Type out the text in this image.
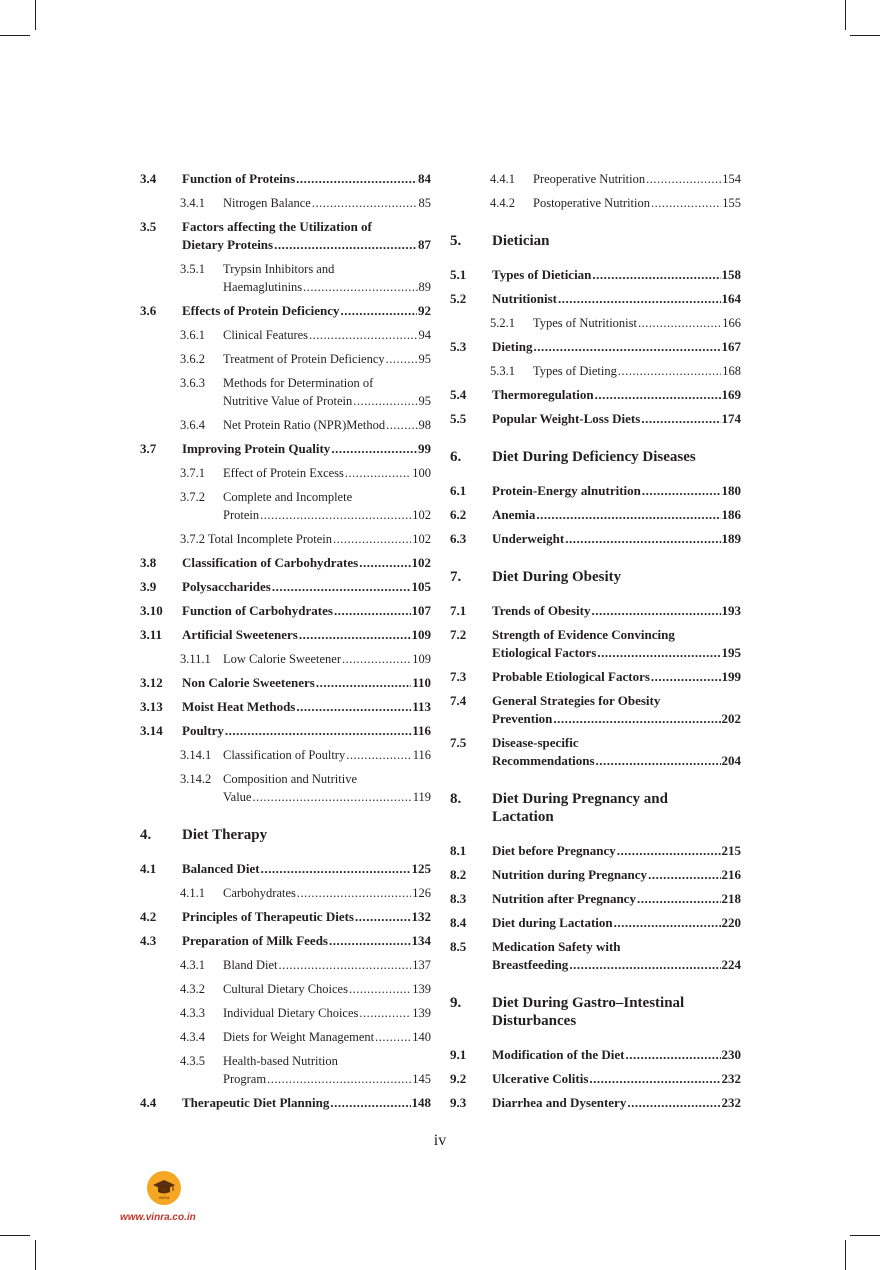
3.4 Function of Proteins .....	84
3.4.1 Nitrogen Balance .....	85
3.5 Factors affecting the Utilization of
Dietary Proteins .....	87
3.5.1 Trypsin Inhibitors and
Haemaglutinins .....	89
3.6 Effects of Protein Deficiency .....	92
3.6.1 Clinical Features .....	94
3.6.2 Treatment of Protein Deficiency .....	95
3.6.3 Methods for Determination of
Nutritive Value of Protein .....	95
3.6.4 Net Protein Ratio (NPR)Method .....	98
3.7 Improving Protein Quality .....	99
3.7.1 Effect of Protein Excess .....	100
3.7.2 Complete and Incomplete
Protein .....	102
3.7.2 Total Incomplete Protein .....	102
3.8 Classification of Carbohydrates .....	102
3.9 Polysaccharides .....	105
3.10 Function of Carbohydrates .....	107
3.11 Artificial Sweeteners .....	109
3.11.1 Low Calorie Sweetener .....	109
3.12 Non Calorie Sweeteners .....	110
3.13 Moist Heat Methods .....	113
3.14 Poultry .....	116
3.14.1 Classification of Poultry .....	116
3.14.2 Composition and Nutritive
Value .....	119
4. Diet Therapy
4.1 Balanced Diet .....	125
4.1.1 Carbohydrates .....	126
4.2 Principles of Therapeutic Diets .....	132
4.3 Preparation of Milk Feeds .....	134
4.3.1 Bland Diet .....	137
4.3.2 Cultural Dietary Choices .....	139
4.3.3 Individual Dietary Choices .....	139
4.3.4 Diets for Weight Management .....	140
4.3.5 Health-based Nutrition
Program .....	145
4.4 Therapeutic Diet Planning .....	148
4.4.1 Preoperative Nutrition .....	154
4.4.2 Postoperative Nutrition .....	155
5. Dietician
5.1 Types of Dietician .....	158
5.2 Nutritionist .....	164
5.2.1 Types of Nutritionist .....	166
5.3 Dieting .....	167
5.3.1 Types of Dieting .....	168
5.4 Thermoregulation .....	169
5.5 Popular Weight-Loss Diets .....	174
6. Diet During Deficiency Diseases
6.1 Protein-Energy alnutrition .....	180
6.2 Anemia .....	186
6.3 Underweight .....	189
7. Diet During Obesity
7.1 Trends of Obesity .....	193
7.2 Strength of Evidence Convincing
Etiological Factors .....	195
7.3 Probable Etiological Factors .....	199
7.4 General Strategies for Obesity
Prevention .....	202
7.5 Disease-specific
Recommendations .....	204
8. Diet During Pregnancy and
Lactation
8.1 Diet before Pregnancy .....	215
8.2 Nutrition during Pregnancy .....	216
8.3 Nutrition after Pregnancy .....	218
8.4 Diet during Lactation .....	220
8.5 Medication Safety with
Breastfeeding .....	224
9. Diet During Gastro–Intestinal
Disturbances
9.1 Modification of the Diet .....	230
9.2 Ulcerative Colitis .....	232
9.3 Diarrhea and Dysentery .....	232
iv
VinRa
www.vinra.co.in
